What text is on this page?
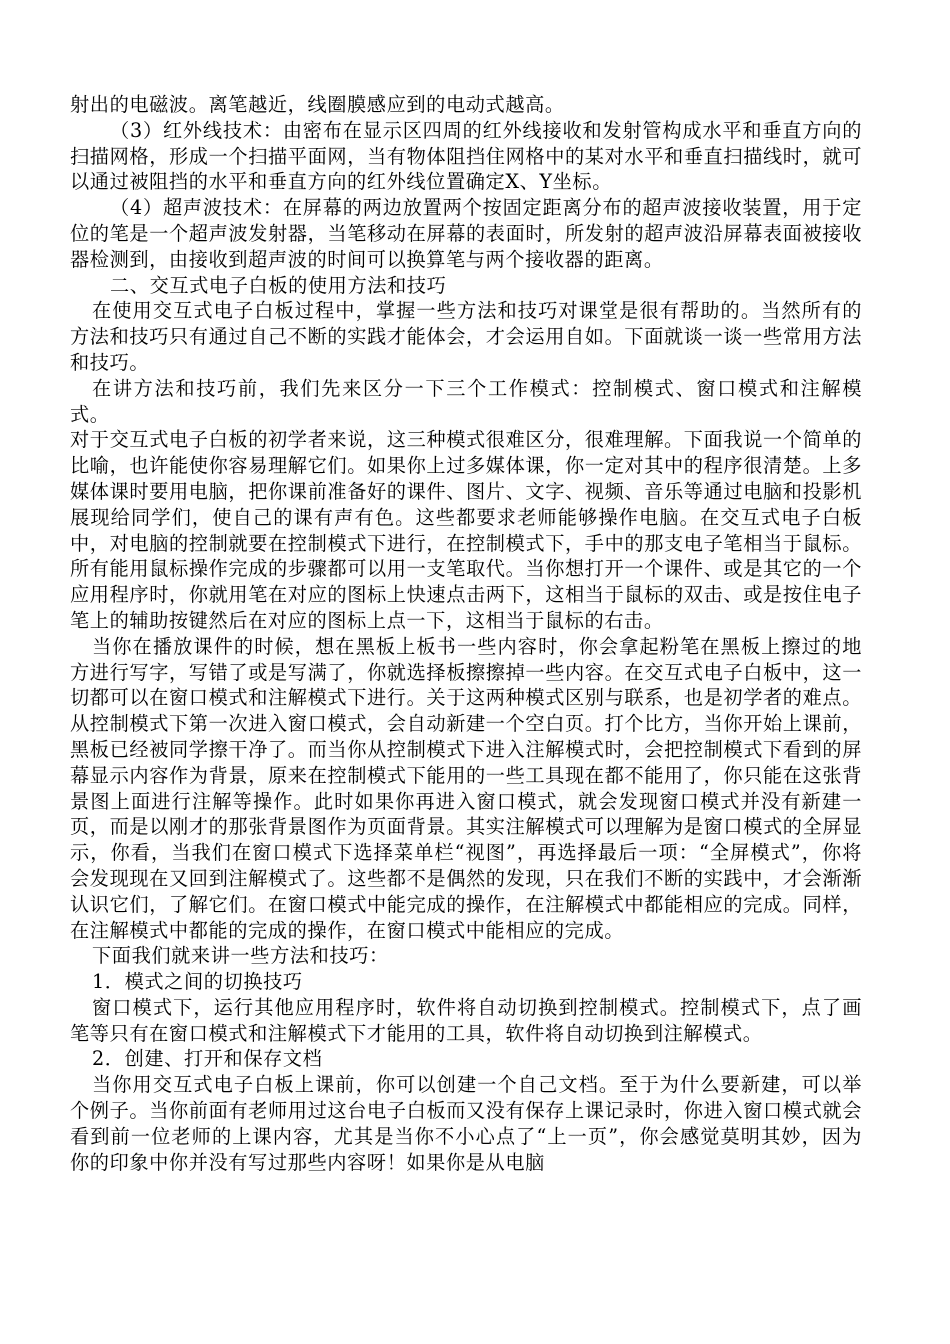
射出的电磁波。离笔越近，线圈膜感应到的电动式越高。

（3）红外线技术：由密布在显示区四周的红外线接收和发射管构成水平和垂直方向的扫描网格，形成一个扫描平面网，当有物体阻挡住网格中的某对水平和垂直扫描线时，就可以通过被阻挡的水平和垂直方向的红外线位置确定X、Y坐标。

（4）超声波技术：在屏幕的两边放置两个按固定距离分布的超声波接收装置，用于定位的笔是一个超声波发射器，当笔移动在屏幕的表面时，所发射的超声波沿屏幕表面被接收器检测到，由接收到超声波的时间可以换算笔与两个接收器的距离。

二、交互式电子白板的使用方法和技巧

在使用交互式电子白板过程中，掌握一些方法和技巧对课堂是很有帮助的。当然所有的方法和技巧只有通过自己不断的实践才能体会，才会运用自如。下面就谈一谈一些常用方法和技巧。

在讲方法和技巧前，我们先来区分一下三个工作模式：控制模式、窗口模式和注解模式。

对于交互式电子白板的初学者来说，这三种模式很难区分，很难理解。下面我说一个简单的比喻，也许能使你容易理解它们。如果你上过多媒体课，你一定对其中的程序很清楚。上多媒体课时要用电脑，把你课前准备好的课件、图片、文字、视频、音乐等通过电脑和投影机展现给同学们，使自己的课有声有色。这些都要求老师能够操作电脑。在交互式电子白板中，对电脑的控制就要在控制模式下进行，在控制模式下，手中的那支电子笔相当于鼠标。所有能用鼠标操作完成的步骤都可以用一支笔取代。当你想打开一个课件、或是其它的一个应用程序时，你就用笔在对应的图标上快速点击两下，这相当于鼠标的双击、或是按住电子笔上的辅助按键然后在对应的图标上点一下，这相当于鼠标的右击。

当你在播放课件的时候，想在黑板上板书一些内容时，你会拿起粉笔在黑板上擦过的地方进行写字，写错了或是写满了，你就选择板擦擦掉一些内容。在交互式电子白板中，这一切都可以在窗口模式和注解模式下进行。关于这两种模式区别与联系，也是初学者的难点。从控制模式下第一次进入窗口模式，会自动新建一个空白页。打个比方，当你开始上课前，黑板已经被同学擦干净了。而当你从控制模式下进入注解模式时，会把控制模式下看到的屏幕显示内容作为背景，原来在控制模式下能用的一些工具现在都不能用了，你只能在这张背景图上面进行注解等操作。此时如果你再进入窗口模式，就会发现窗口模式并没有新建一页，而是以刚才的那张背景图作为页面背景。其实注解模式可以理解为是窗口模式的全屏显示，你看，当我们在窗口模式下选择菜单栏“视图”，再选择最后一项：“全屏模式”，你将会发现现在又回到注解模式了。这些都不是偶然的发现，只在我们不断的实践中，才会渐渐认识它们，了解它们。在窗口模式中能完成的操作，在注解模式中都能相应的完成。同样，在注解模式中都能的完成的操作，在窗口模式中能相应的完成。

下面我们就来讲一些方法和技巧：

1．模式之间的切换技巧

窗口模式下，运行其他应用程序时，软件将自动切换到控制模式。控制模式下，点了画笔等只有在窗口模式和注解模式下才能用的工具，软件将自动切换到注解模式。

2．创建、打开和保存文档

当你用交互式电子白板上课前，你可以创建一个自己文档。至于为什么要新建，可以举个例子。当你前面有老师用过这台电子白板而又没有保存上课记录时，你进入窗口模式就会看到前一位老师的上课内容，尤其是当你不小心点了“上一页”，你会感觉莫明其妙，因为你的印象中你并没有写过那些内容呀！如果你是从电脑
